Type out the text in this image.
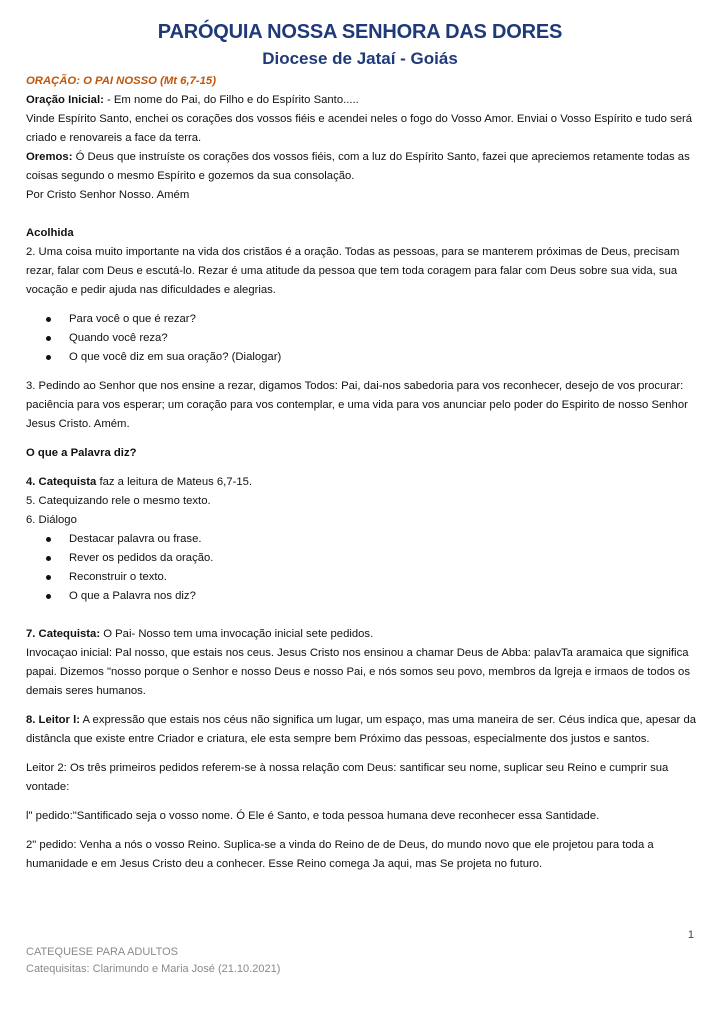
PARÓQUIA NOSSA SENHORA DAS DORES
Diocese de Jataí - Goiás

ORAÇÃO: O PAI NOSSO (Mt 6,7-15)

Oração Inicial: - Em nome do Pai, do Filho e do Espírito Santo.....

Vinde Espírito Santo, enchei os corações dos vossos fiéis e acendei neles o fogo do Vosso Amor. Enviai o Vosso Espírito e tudo será criado e renovareis a face da terra.

Oremos: Ó Deus que instruíste os corações dos vossos fiéis, com a luz do Espírito Santo, fazei que apreciemos retamente todas as coisas segundo o mesmo Espírito e gozemos da sua consolação.

Por Cristo Senhor Nosso. Amém

Acolhida

2. Uma coisa muito importante na vida dos cristãos é a oração. Todas as pessoas, para se manterem próximas de Deus, precisam rezar, falar com Deus e escutá-lo. Rezar é uma atitude da pessoa que tem toda coragem para falar com Deus sobre sua vida, sua vocação e pedir ajuda nas dificuldades e alegrias.

Para você o que é rezar?
Quando você reza?
O que você diz em sua oração? (Dialogar)

3. Pedindo ao Senhor que nos ensine a rezar, digamos Todos: Pai, dai-nos sabedoria para vos reconhecer, desejo de vos procurar: paciência para vos esperar; um coração para vos contemplar, e uma vida para vos anunciar pelo poder do Espirito de nosso Senhor Jesus Cristo. Amém.

O que a Palavra diz?

4. Catequista faz a leitura de Mateus 6,7-15.

5. Catequizando rele o mesmo texto.

6. Diálogo

Destacar palavra ou frase.
Rever os pedidos da oração.
Reconstruir o texto.
O que a Palavra nos diz?

7. Catequista: O Pai- Nosso tem uma invocação inicial sete pedidos.

Invocaçao inicial: Pal nosso, que estais nos ceus. Jesus Cristo nos ensinou a chamar Deus de Abba: palavTa aramaica que significa papai. Dizemos "nosso porque o Senhor e nosso Deus e nosso Pai, e nós somos seu povo, membros da lgreja e irmaos de todos os demais seres humanos.

8. Leitor l: A expressão que estais nos céus não significa um lugar, um espaço, mas uma maneira de ser. Céus indica que, apesar da distâncla que existe entre Criador e criatura, ele esta sempre bem Próximo das pessoas, especialmente dos justos e santos.

Leitor 2: Os três primeiros pedidos referem-se à nossa relação com Deus: santificar seu nome, suplicar seu Reino e cumprir sua vontade:

l" pedido:"Santificado seja o vosso nome. Ó Ele é Santo, e toda pessoa humana deve reconhecer essa Santidade.

2" pedido: Venha a nós o vosso Reino. Suplica-se a vinda do Reino de de Deus, do mundo novo que ele projetou para toda a humanidade e em Jesus Cristo deu a conhecer. Esse Reino comega Ja aqui, mas Se projeta no futuro.

1
CATEQUESE PARA ADULTOS
Catequisitas: Clarimundo e Maria José (21.10.2021)
